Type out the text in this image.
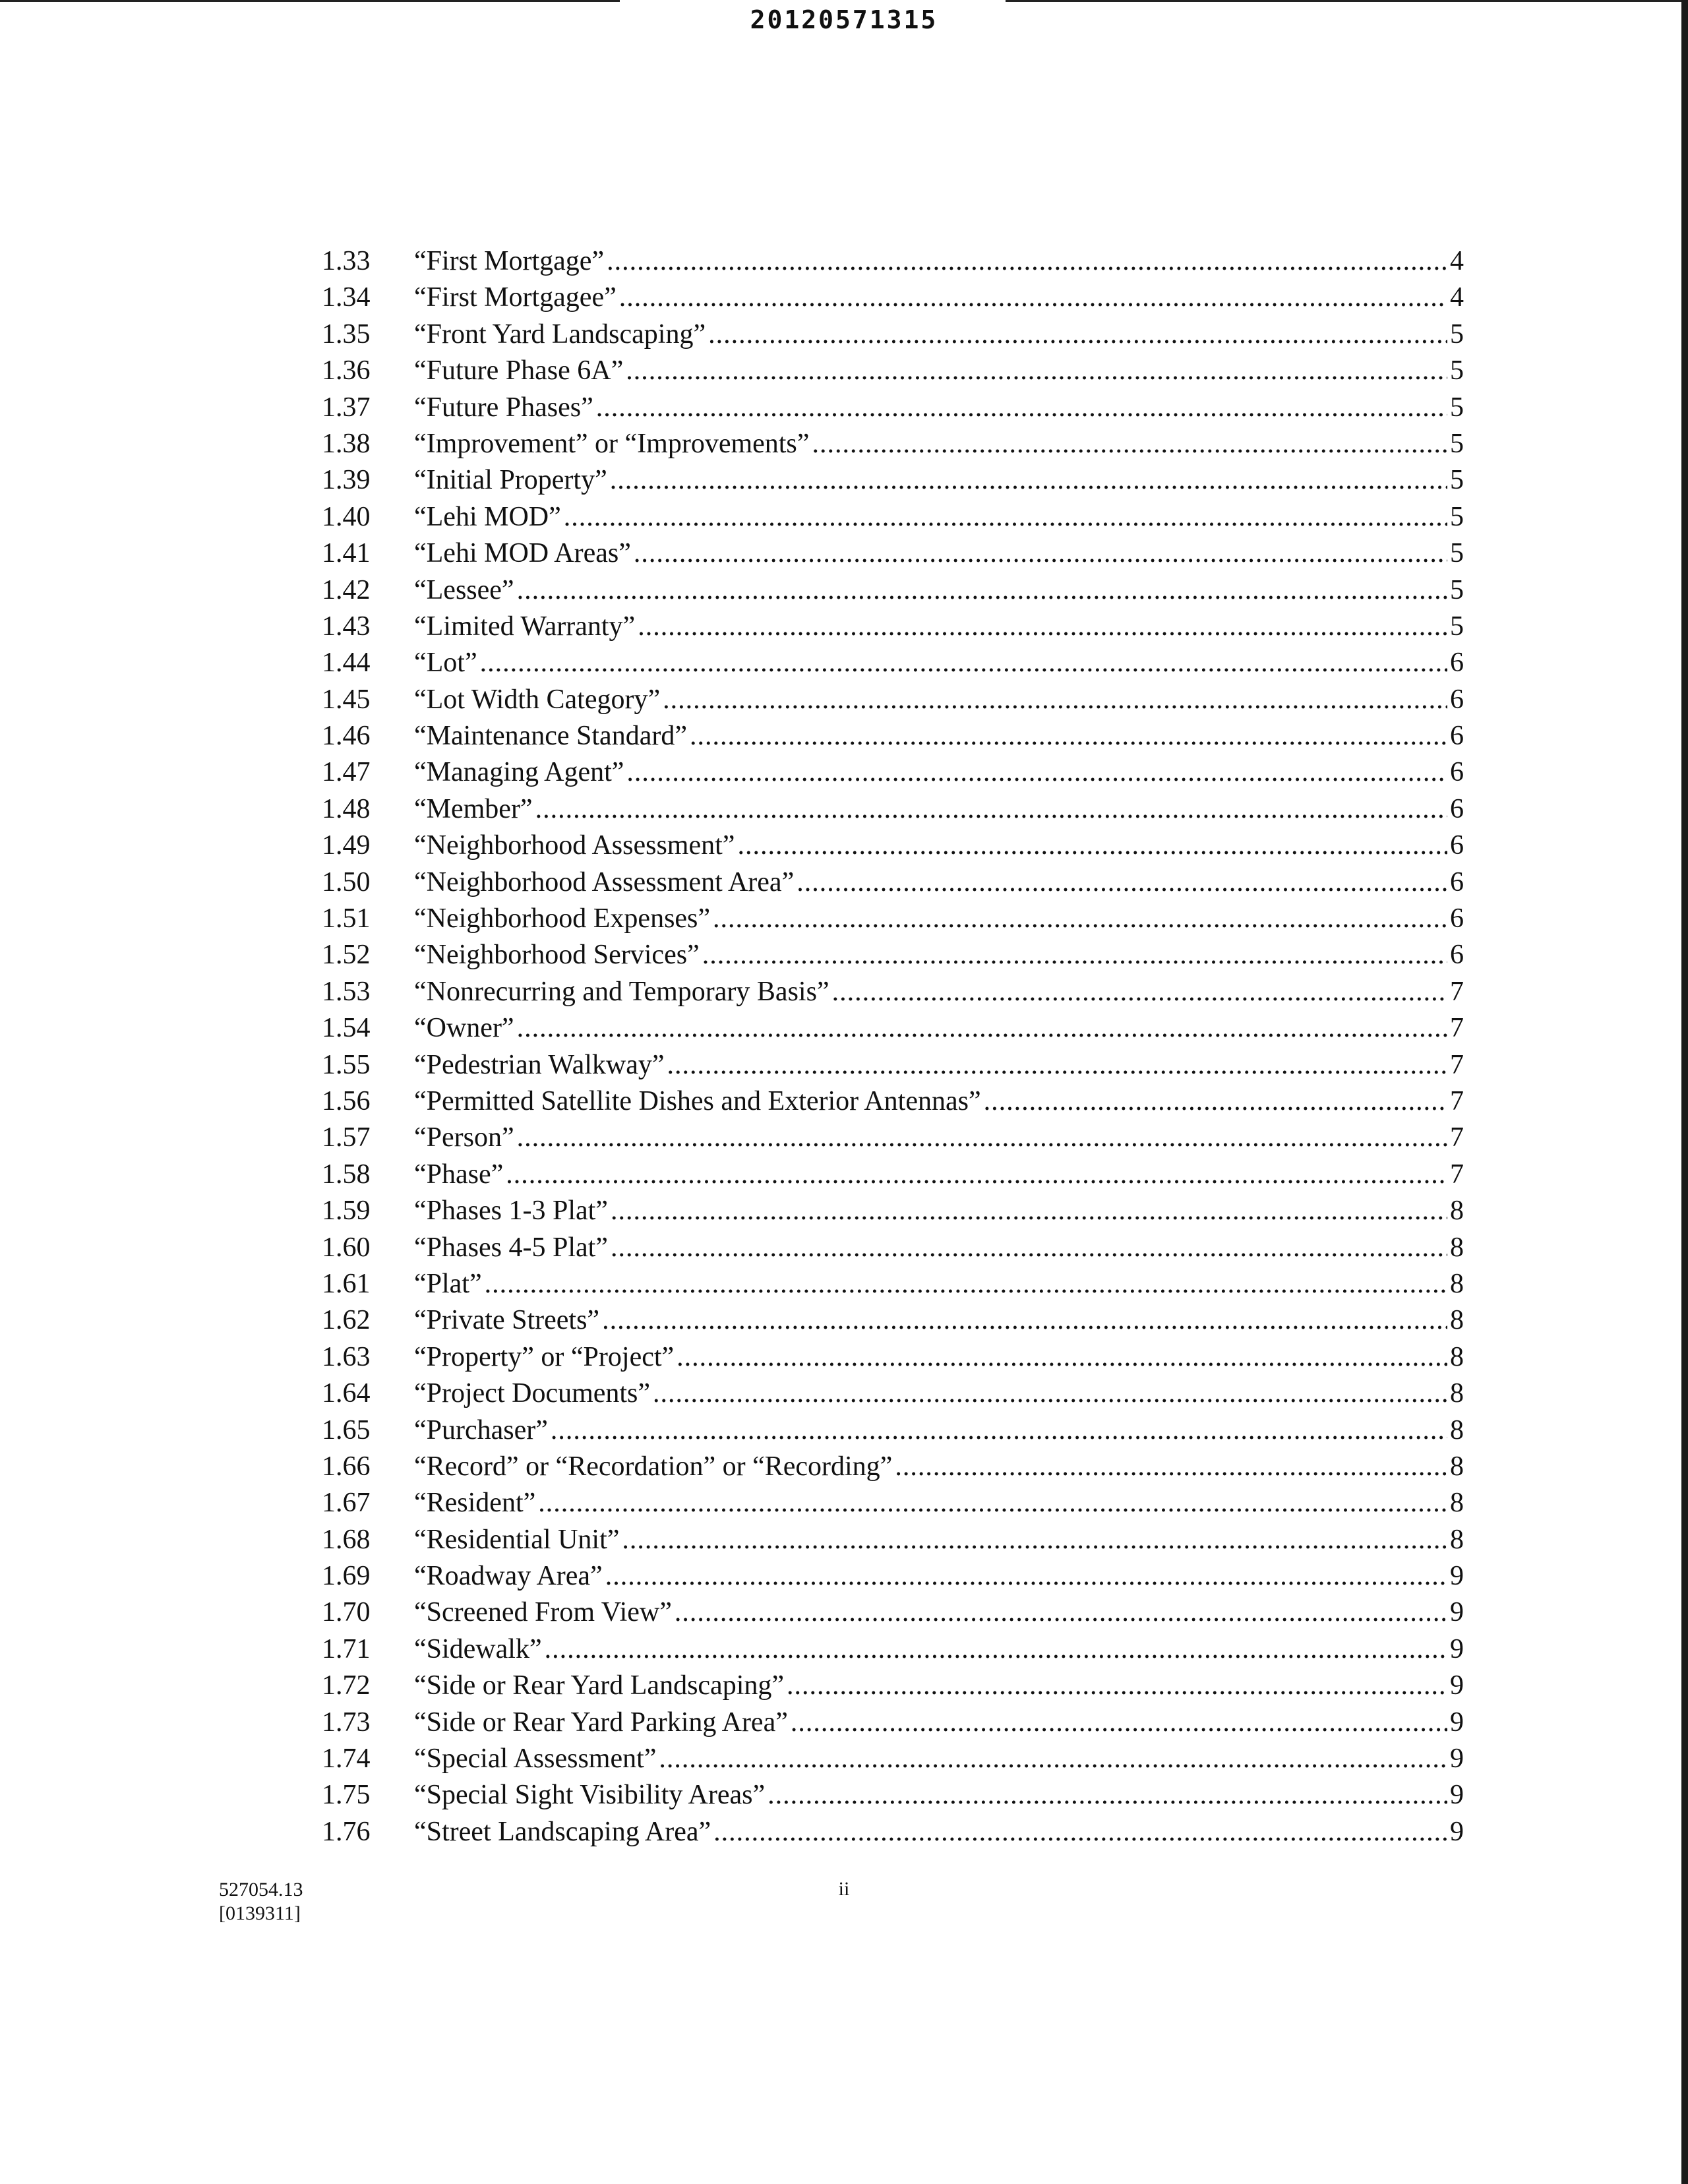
20120571315
1.33	“First Mortgage” .....	4
1.34	“First Mortgagee” .....	4
1.35	“Front Yard Landscaping” .....	5
1.36	“Future Phase 6A” .....	5
1.37	“Future Phases” .....	5
1.38	“Improvement” or “Improvements” .....	5
1.39	“Initial Property” .....	5
1.40	“Lehi MOD” .....	5
1.41	“Lehi MOD Areas” .....	5
1.42	“Lessee” .....	5
1.43	“Limited Warranty” .....	5
1.44	“Lot” .....	6
1.45	“Lot Width Category” .....	6
1.46	“Maintenance Standard” .....	6
1.47	“Managing Agent” .....	6
1.48	“Member” .....	6
1.49	“Neighborhood Assessment” .....	6
1.50	“Neighborhood Assessment Area” .....	6
1.51	“Neighborhood Expenses” .....	6
1.52	“Neighborhood Services” .....	6
1.53	“Nonrecurring and Temporary Basis” .....	7
1.54	“Owner” .....	7
1.55	“Pedestrian Walkway” .....	7
1.56	“Permitted Satellite Dishes and Exterior Antennas” .....	7
1.57	“Person” .....	7
1.58	“Phase” .....	7
1.59	“Phases 1-3 Plat” .....	8
1.60	“Phases 4-5 Plat” .....	8
1.61	“Plat” .....	8
1.62	“Private Streets” .....	8
1.63	“Property” or “Project” .....	8
1.64	“Project Documents” .....	8
1.65	“Purchaser” .....	8
1.66	“Record” or “Recordation” or “Recording” .....	8
1.67	“Resident” .....	8
1.68	“Residential Unit” .....	8
1.69	“Roadway Area” .....	9
1.70	“Screened From View” .....	9
1.71	“Sidewalk” .....	9
1.72	“Side or Rear Yard Landscaping” .....	9
1.73	“Side or Rear Yard Parking Area” .....	9
1.74	“Special Assessment” .....	9
1.75	“Special Sight Visibility Areas” .....	9
1.76	“Street Landscaping Area” .....	9
527054.13
[0139311]
ii
